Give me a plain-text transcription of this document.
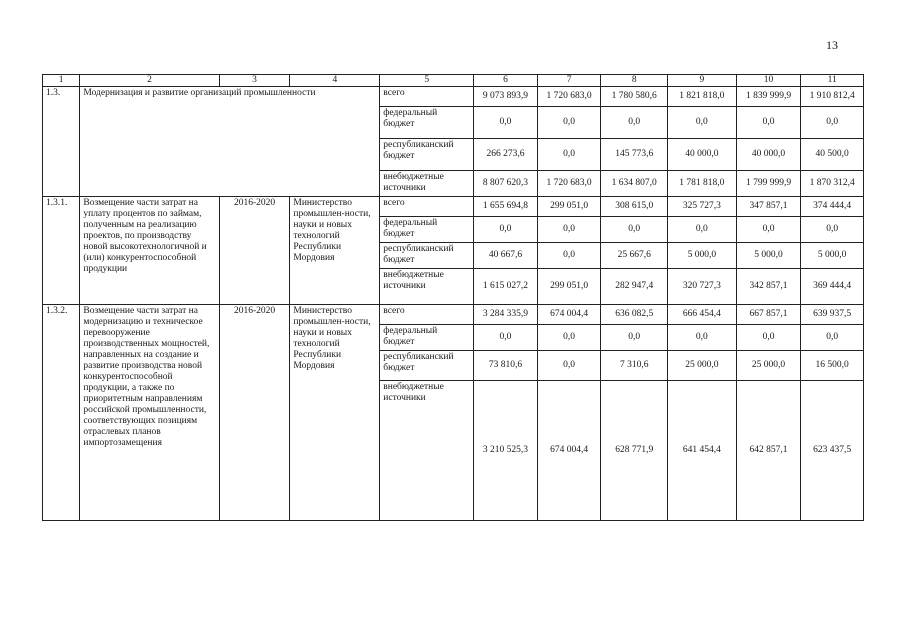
13
1	2	3	4	5	6	7	8	9	10	11
1.3.	Модернизация и развитие организаций промышленности			всего	9 073 893,9	1 720 683,0	1 780 580,6	1 821 818,0	1 839 999,9	1 910 812,4

				федеральный бюджет	0,0	0,0	0,0	0,0	0,0	0,0

				республиканский бюджет	266 273,6	0,0	145 773,6	40 000,0	40 000,0	40 500,0

				внебюджетные источники	8 807 620,3	1 720 683,0	1 634 807,0	1 781 818,0	1 799 999,9	1 870 312,4
1.3.1.	Возмещение части затрат на уплату процентов по займам, полученным на реализацию проектов, по производству новой высокотехнологичной и (или) конкурентоспособной продукции	2016-2020	Министерство промышлен-ности, науки и новых технологий Республики Мордовия	всего	1 655 694,8	299 051,0	308 615,0	325 727,3	347 857,1	374 444,4

				федеральный бюджет	0,0	0,0	0,0	0,0	0,0	0,0

				республиканский бюджет	40 667,6	0,0	25 667,6	5 000,0	5 000,0	5 000,0

				внебюджетные источники	1 615 027,2	299 051,0	282 947,4	320 727,3	342 857,1	369 444,4
1.3.2.	Возмещение части затрат на модернизацию и техническое перевооружение производственных мощностей, направленных на создание и развитие производства новой конкурентоспособной продукции, а также по приоритетным направлениям российской промышленности, соответствующих позициям отраслевых планов импортозамещения	2016-2020	Министерство промышлен-ности, науки и новых технологий Республики Мордовия	всего	3 284 335,9	674 004,4	636 082,5	666 454,4	667 857,1	639 937,5

				федеральный бюджет	0,0	0,0	0,0	0,0	0,0	0,0

				республиканский бюджет	73 810,6	0,0	7 310,6	25 000,0	25 000,0	16 500,0

				внебюджетные источники	3 210 525,3	674 004,4	628 771,9	641 454,4	642 857,1	623 437,5
